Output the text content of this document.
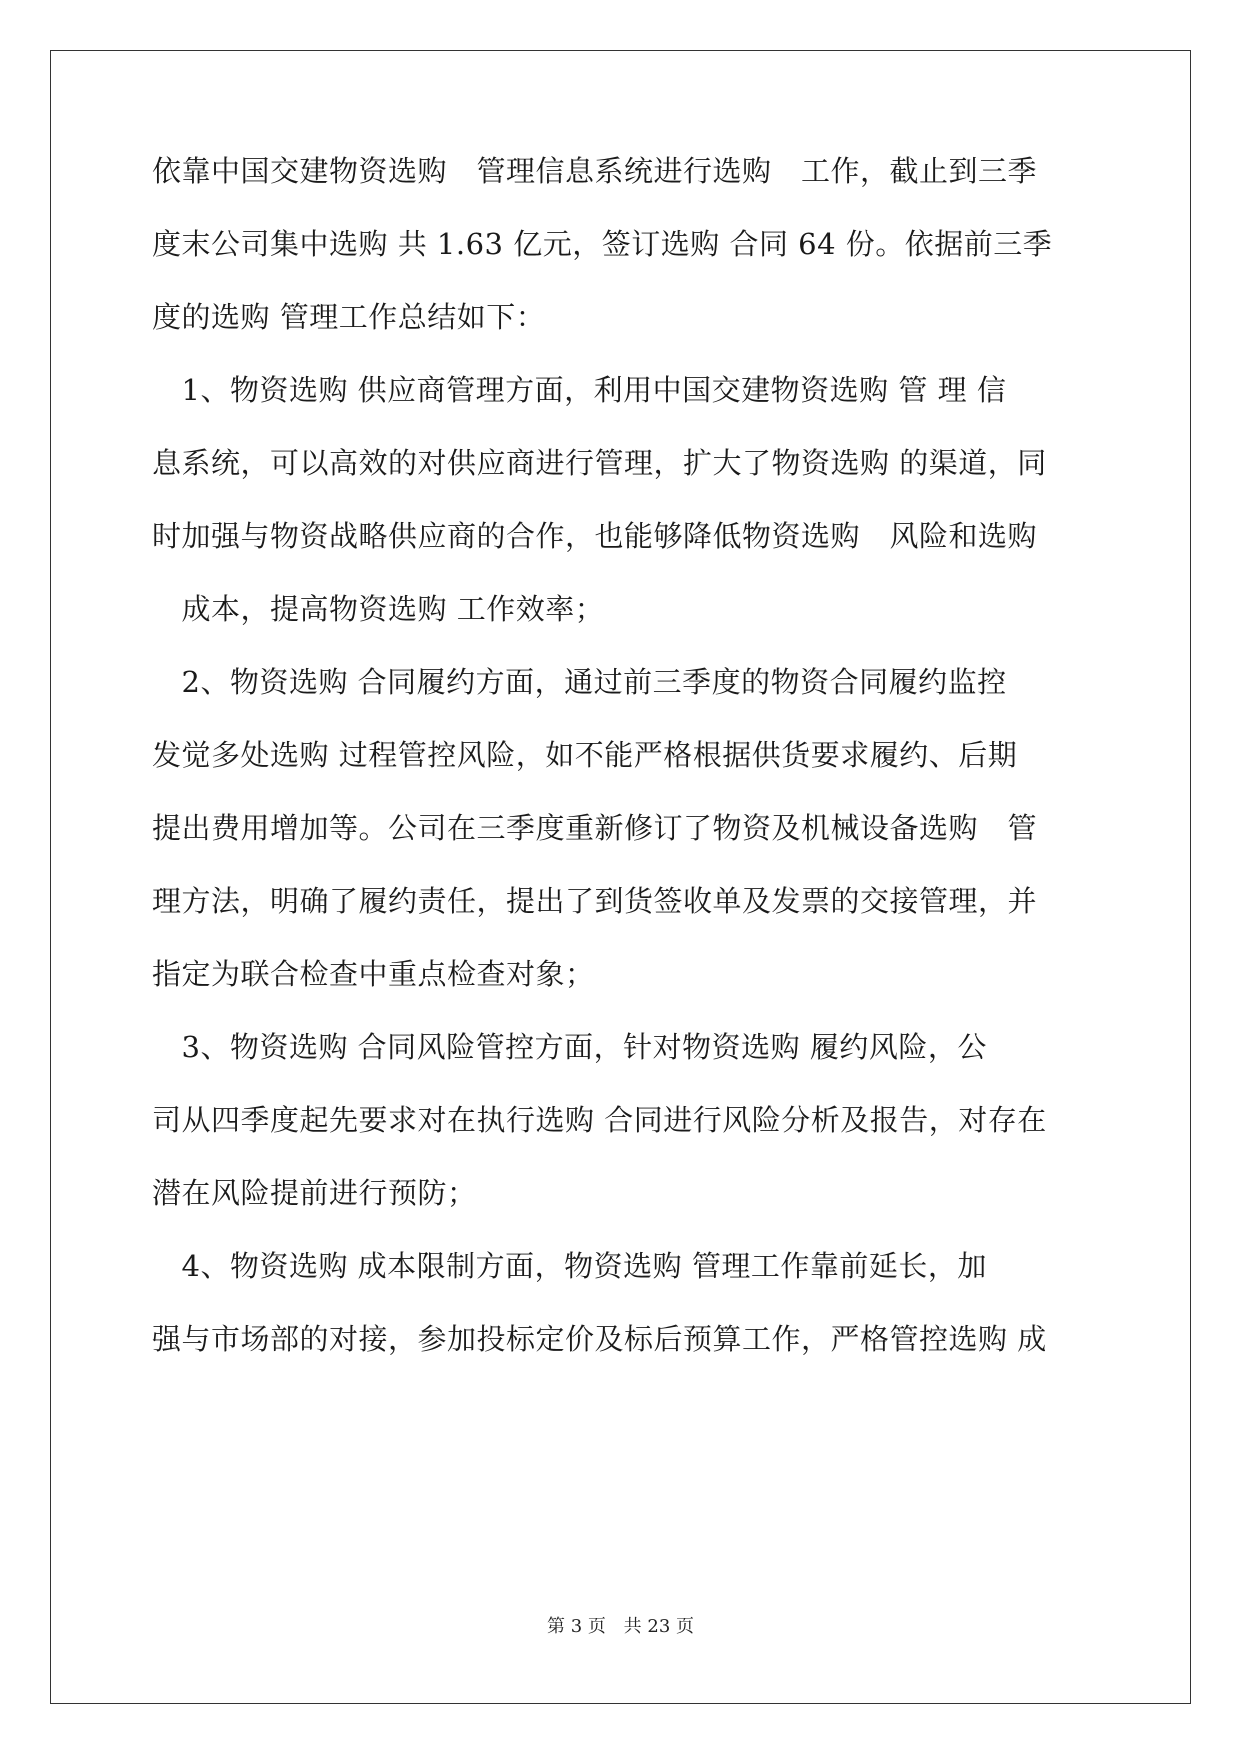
依靠中国交建物资选购　管理信息系统进行选购　工作，截止到三季
度末公司集中选购 共 1.63 亿元，签订选购 合同 64 份。依据前三季
度的选购 管理工作总结如下：
　1、物资选购 供应商管理方面，利用中国交建物资选购 管 理 信
息系统，可以高效的对供应商进行管理，扩大了物资选购 的渠道，同
时加强与物资战略供应商的合作，也能够降低物资选购　风险和选购
　成本，提高物资选购 工作效率；
　2、物资选购 合同履约方面，通过前三季度的物资合同履约监控
发觉多处选购 过程管控风险，如不能严格根据供货要求履约、后期
提出费用增加等。公司在三季度重新修订了物资及机械设备选购　管
理方法，明确了履约责任，提出了到货签收单及发票的交接管理，并
指定为联合检查中重点检查对象；
　3、物资选购 合同风险管控方面，针对物资选购 履约风险，公
司从四季度起先要求对在执行选购 合同进行风险分析及报告，对存在
潜在风险提前进行预防；
　4、物资选购 成本限制方面，物资选购 管理工作靠前延长，加
强与市场部的对接，参加投标定价及标后预算工作，严格管控选购 成
第 3 页 共 23 页
